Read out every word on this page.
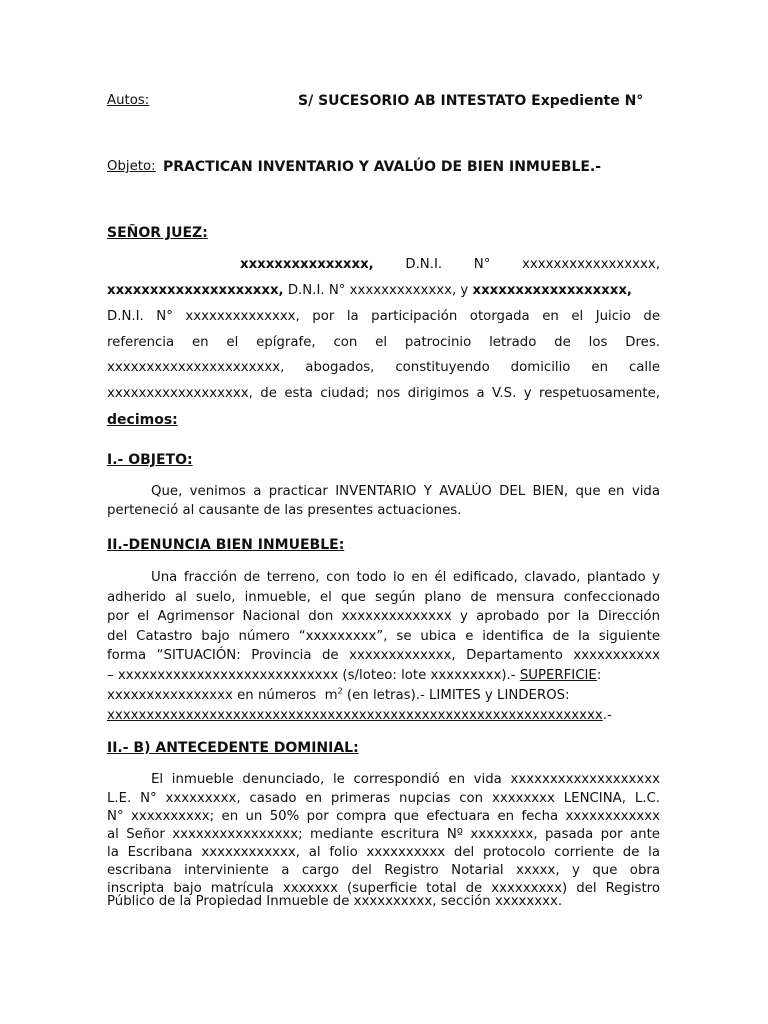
Autos:	S/ SUCESORIO AB INTESTATO Expediente N°
Objeto: PRACTICAN INVENTARIO Y AVALÚO DE BIEN INMUEBLE.-
SEÑOR JUEZ:
xxxxxxxxxxxxxxx, D.N.I. N° xxxxxxxxxxxxxxxxx,
xxxxxxxxxxxxxxxxxxxx, D.N.I. N° xxxxxxxxxxxxx, y xxxxxxxxxxxxxxxxxx,
D.N.I. N° xxxxxxxxxxxxxx, por la participación otorgada en el Juicio de
referencia en el epígrafe, con el patrocinio letrado de los Dres.
xxxxxxxxxxxxxxxxxxxxxx, abogados, constituyendo domicilio en calle
xxxxxxxxxxxxxxxxxx, de esta ciudad; nos dirigimos a V.S. y respetuosamente,
decimos:
I.- OBJETO:
Que, venimos a practicar INVENTARIO Y AVALÚO DEL BIEN, que en vida
perteneció al causante de las presentes actuaciones.
II.-DENUNCIA BIEN INMUEBLE:
Una fracción de terreno, con todo lo en él edificado, clavado, plantado y
adherido al suelo, inmueble, el que según plano de mensura confeccionado
por el Agrimensor Nacional don xxxxxxxxxxxxxx y aprobado por la Dirección
del Catastro bajo número “xxxxxxxxx”, se ubica e identifica de la siguiente
forma “SITUACIÓN: Provincia de xxxxxxxxxxxxx, Departamento xxxxxxxxxxx
– xxxxxxxxxxxxxxxxxxxxxxxxxxxx (s/loteo: lote xxxxxxxxx).- SUPERFICIE:
xxxxxxxxxxxxxxxx en números  $m^2$ (en letras).- LIMITES y LINDEROS:
xxxxxxxxxxxxxxxxxxxxxxxxxxxxxxxxxxxxxxxxxxxxxxxxxxxxxxxxxxxxxxx.-
II.- B) ANTECEDENTE DOMINIAL:
El inmueble denunciado, le correspondió en vida xxxxxxxxxxxxxxxxxxx
L.E. N° xxxxxxxxx, casado en primeras nupcias con xxxxxxxx LENCINA, L.C.
N° xxxxxxxxxx; en un 50% por compra que efectuara en fecha xxxxxxxxxxxx
al Señor xxxxxxxxxxxxxxxx; mediante escritura Nº xxxxxxxx, pasada por ante
la Escribana xxxxxxxxxxxx, al folio xxxxxxxxxx del protocolo corriente de la
escribana interviniente a cargo del Registro Notarial xxxxx, y que obra
inscripta bajo matrícula xxxxxxx (superficie total de xxxxxxxxx) del Registro
Público de la Propiedad Inmueble de xxxxxxxxxx, sección xxxxxxxx.
